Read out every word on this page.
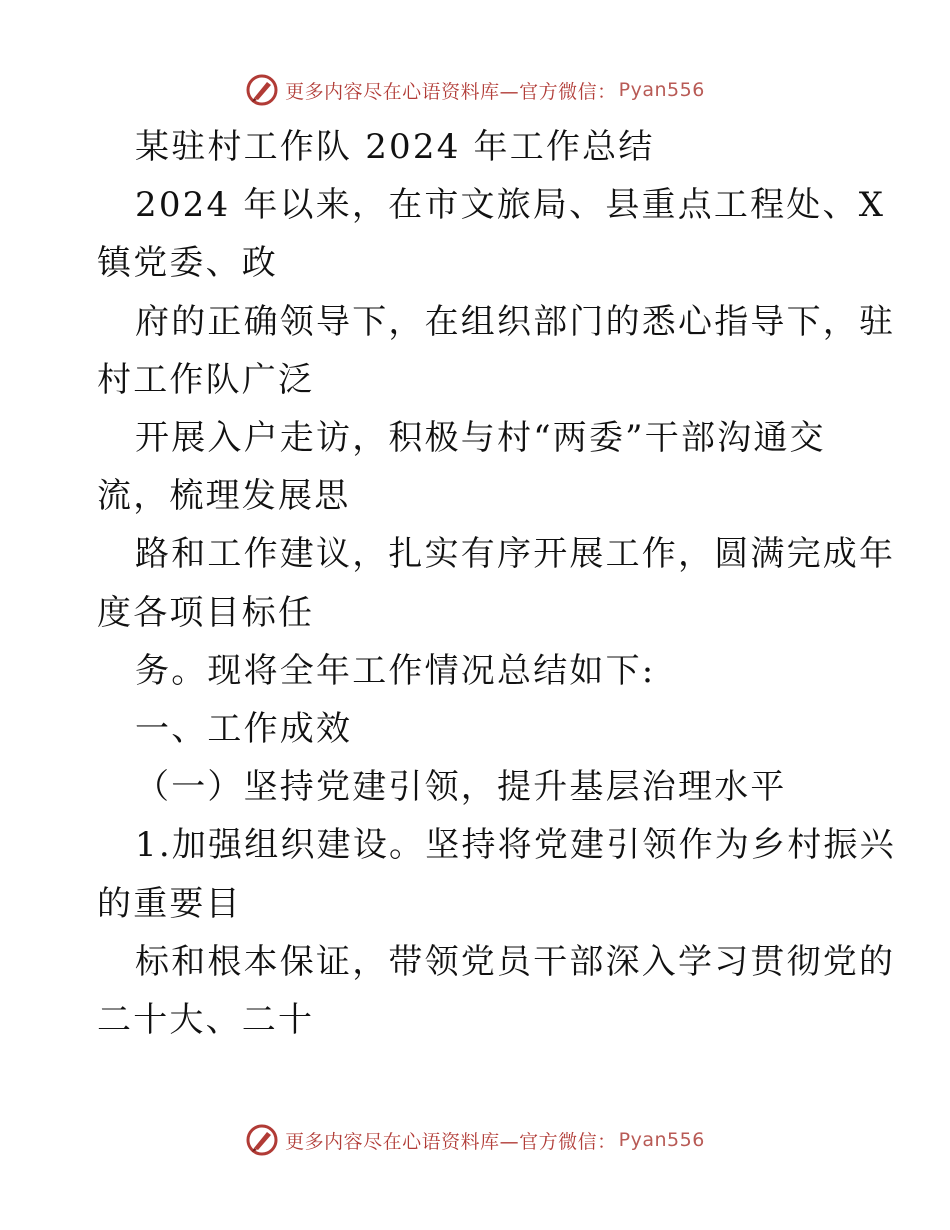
更多内容尽在心语资料库—官方微信： Pyan556

某驻村工作队 2024 年工作总结

2024 年以来，在市文旅局、县重点工程处、X

镇党委、政

府的正确领导下，在组织部门的悉心指导下，驻

村工作队广泛

开展入户走访，积极与村“两委”干部沟通交

流，梳理发展思

路和工作建议，扎实有序开展工作，圆满完成年

度各项目标任

务。现将全年工作情况总结如下:

一、工作成效

（一）坚持党建引领，提升基层治理水平

1.加强组织建设。坚持将党建引领作为乡村振兴

的重要目

标和根本保证，带领党员干部深入学习贯彻党的

二十大、二十

更多内容尽在心语资料库—官方微信： Pyan556
